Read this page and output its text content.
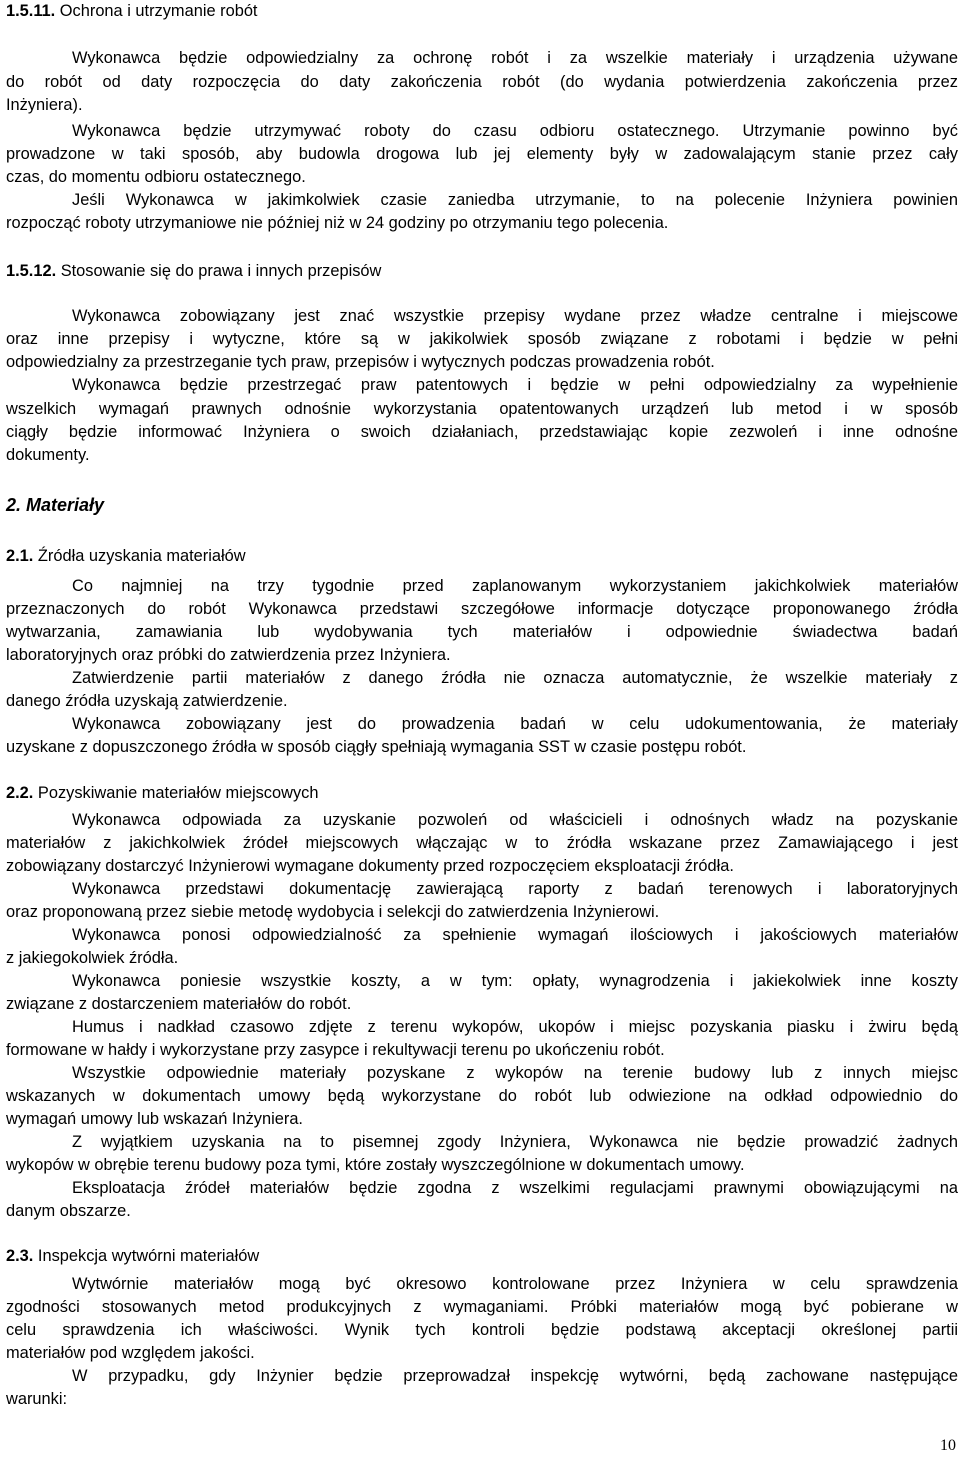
1.5.11. Ochrona i utrzymanie robót
Wykonawca będzie odpowiedzialny za ochronę robót i za wszelkie materiały i urządzenia używane
do robót od daty rozpoczęcia do daty zakończenia robót (do wydania potwierdzenia zakończenia przez
Inżyniera).
Wykonawca będzie utrzymywać roboty do czasu odbioru ostatecznego. Utrzymanie powinno być
prowadzone w taki sposób, aby budowla drogowa lub jej elementy były w zadowalającym stanie przez cały
czas, do momentu odbioru ostatecznego.
Jeśli Wykonawca w jakimkolwiek czasie zaniedba utrzymanie, to na polecenie Inżyniera powinien
rozpocząć roboty utrzymaniowe nie później niż w 24 godziny po otrzymaniu tego polecenia.
1.5.12. Stosowanie się do prawa i innych przepisów
Wykonawca zobowiązany jest znać wszystkie przepisy wydane przez władze centralne i miejscowe
oraz inne przepisy i wytyczne, które są w jakikolwiek sposób związane z robotami i będzie w pełni
odpowiedzialny za przestrzeganie tych praw, przepisów i wytycznych podczas prowadzenia robót.
Wykonawca będzie przestrzegać praw patentowych i będzie w pełni odpowiedzialny za wypełnienie
wszelkich wymagań prawnych odnośnie wykorzystania opatentowanych urządzeń lub metod i w sposób
ciągły będzie informować Inżyniera o swoich działaniach, przedstawiając kopie zezwoleń i inne odnośne
dokumenty.
2. Materiały
2.1. Źródła uzyskania materiałów
Co najmniej na trzy tygodnie przed zaplanowanym wykorzystaniem jakichkolwiek materiałów
przeznaczonych do robót Wykonawca przedstawi szczegółowe informacje dotyczące proponowanego źródła
wytwarzania, zamawiania lub wydobywania tych materiałów i odpowiednie świadectwa badań
laboratoryjnych oraz próbki do zatwierdzenia przez Inżyniera.
Zatwierdzenie partii materiałów z danego źródła nie oznacza automatycznie, że wszelkie materiały z
danego źródła uzyskają zatwierdzenie.
Wykonawca zobowiązany jest do prowadzenia badań w celu udokumentowania, że materiały
uzyskane z dopuszczonego źródła w sposób ciągły spełniają wymagania SST w czasie postępu robót.
2.2. Pozyskiwanie materiałów miejscowych
Wykonawca odpowiada za uzyskanie pozwoleń od właścicieli i odnośnych władz na pozyskanie
materiałów z jakichkolwiek źródeł miejscowych włączając w to źródła wskazane przez Zamawiającego i jest
zobowiązany dostarczyć Inżynierowi wymagane dokumenty przed rozpoczęciem eksploatacji źródła.
Wykonawca przedstawi dokumentację zawierającą raporty z badań terenowych i laboratoryjnych
oraz proponowaną przez siebie metodę wydobycia i selekcji do zatwierdzenia Inżynierowi.
Wykonawca ponosi odpowiedzialność za spełnienie wymagań ilościowych i jakościowych materiałów
z jakiegokolwiek źródła.
Wykonawca poniesie wszystkie koszty, a w tym: opłaty, wynagrodzenia i jakiekolwiek inne koszty
związane z dostarczeniem materiałów do robót.
Humus i nadkład czasowo zdjęte z terenu wykopów, ukopów i miejsc pozyskania piasku i żwiru będą
formowane w hałdy i wykorzystane przy zasypce i rekultywacji terenu po ukończeniu robót.
Wszystkie odpowiednie materiały pozyskane z wykopów na terenie budowy lub z innych miejsc
wskazanych w dokumentach umowy będą wykorzystane do robót lub odwiezione na odkład odpowiednio do
wymagań umowy lub wskazań Inżyniera.
Z wyjątkiem uzyskania na to pisemnej zgody Inżyniera, Wykonawca nie będzie prowadzić żadnych
wykopów w obrębie terenu budowy poza tymi, które zostały wyszczególnione w dokumentach umowy.
Eksploatacja źródeł materiałów będzie zgodna z wszelkimi regulacjami prawnymi obowiązującymi na
danym obszarze.
2.3. Inspekcja wytwórni materiałów
Wytwórnie materiałów mogą być okresowo kontrolowane przez Inżyniera w celu sprawdzenia
zgodności stosowanych metod produkcyjnych z wymaganiami. Próbki materiałów mogą być pobierane w
celu sprawdzenia ich właściwości. Wynik tych kontroli będzie podstawą akceptacji określonej partii
materiałów pod względem jakości.
W przypadku, gdy Inżynier będzie przeprowadzał inspekcję wytwórni, będą zachowane następujące
warunki:
10
